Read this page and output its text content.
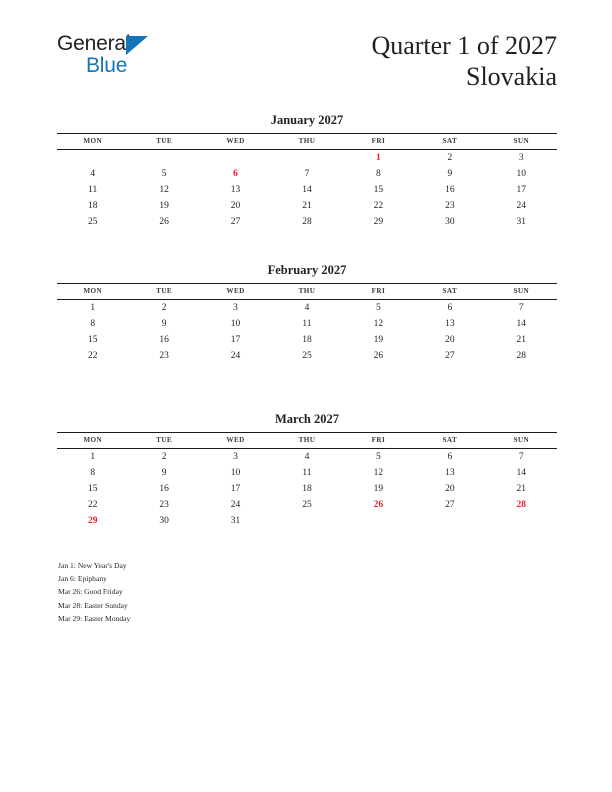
General
Blue
Quarter 1 of 2027
Slovakia
January 2027
MON	TUE	WED	THU	FRI	SAT	SUN
				1	2	3
4	5	6	7	8	9	10
11	12	13	14	15	16	17
18	19	20	21	22	23	24
25	26	27	28	29	30	31
February 2027
MON	TUE	WED	THU	FRI	SAT	SUN
1	2	3	4	5	6	7
8	9	10	11	12	13	14
15	16	17	18	19	20	21
22	23	24	25	26	27	28
March 2027
MON	TUE	WED	THU	FRI	SAT	SUN
1	2	3	4	5	6	7
8	9	10	11	12	13	14
15	16	17	18	19	20	21
22	23	24	25	26	27	28
29	30	31				
Jan 1: New Year's Day
Jan 6: Epiphany
Mar 26: Good Friday
Mar 28: Easter Sunday
Mar 29: Easter Monday
